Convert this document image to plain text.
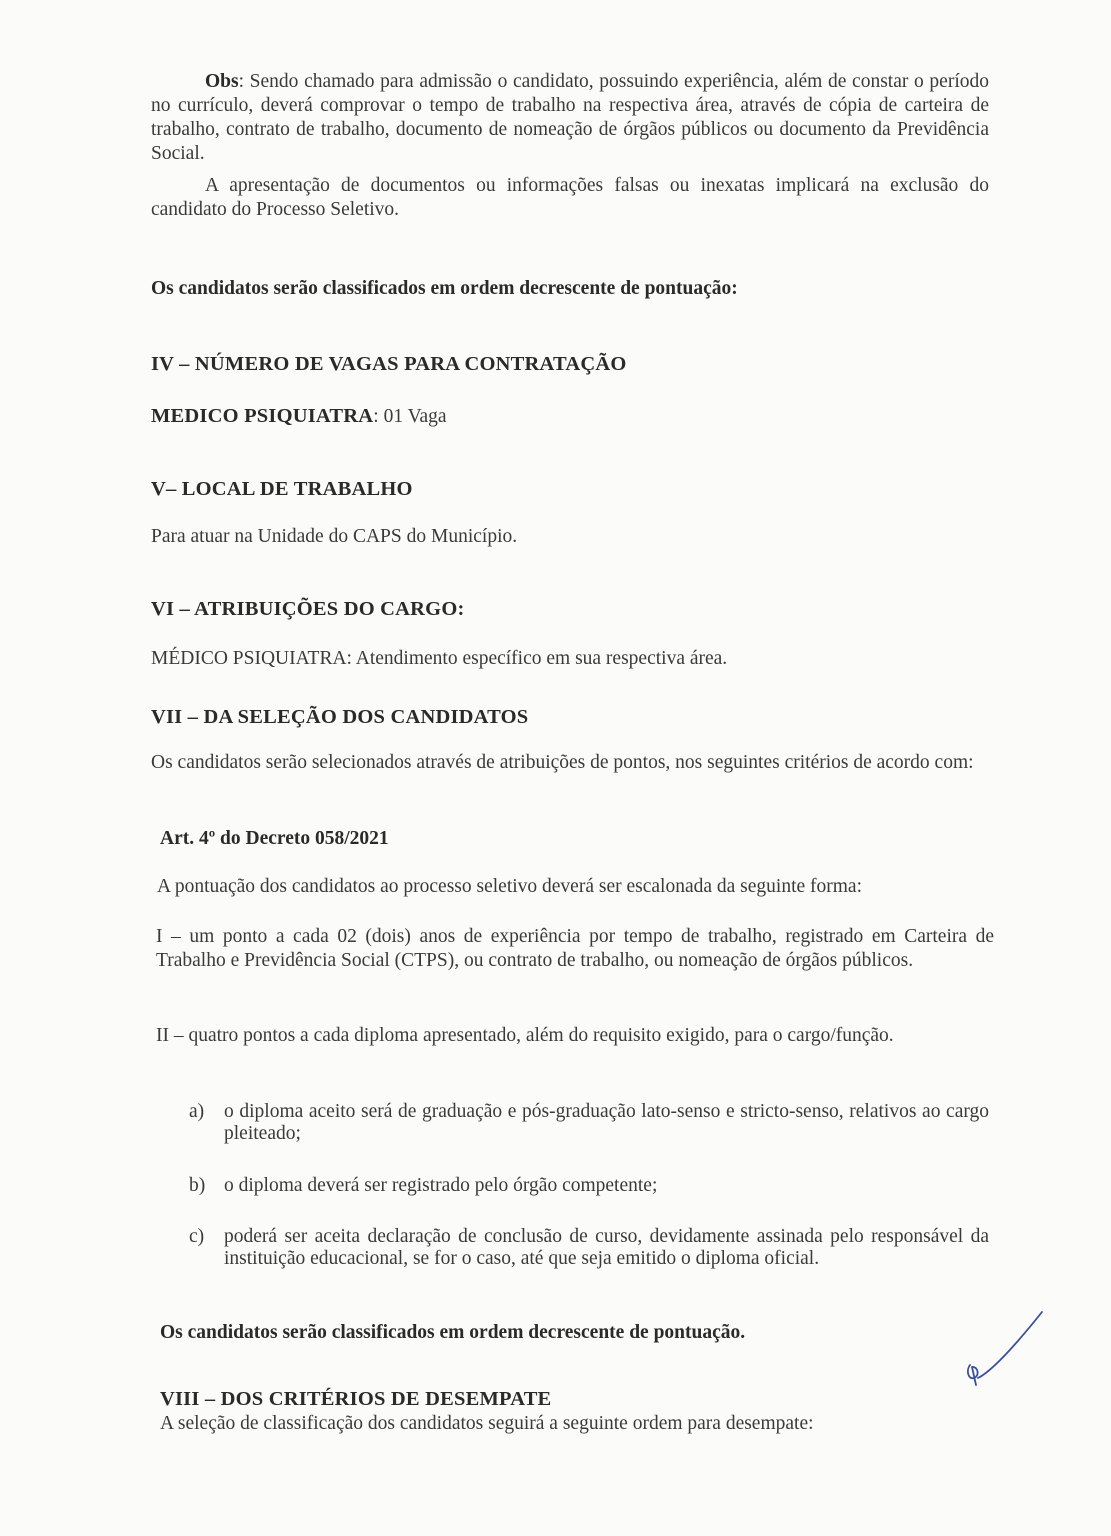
Obs: Sendo chamado para admissão o candidato, possuindo experiência, além de constar o período no currículo, deverá comprovar o tempo de trabalho na respectiva área, através de cópia de carteira de trabalho, contrato de trabalho, documento de nomeação de órgãos públicos ou documento da Previdência Social.
A apresentação de documentos ou informações falsas ou inexatas implicará na exclusão do candidato do Processo Seletivo.
Os candidatos serão classificados em ordem decrescente de pontuação:
IV – NÚMERO DE VAGAS PARA CONTRATAÇÃO
MEDICO PSIQUIATRA: 01 Vaga
V– LOCAL DE TRABALHO
Para atuar na Unidade do CAPS do Município.
VI – ATRIBUIÇÕES DO CARGO:
MÉDICO PSIQUIATRA: Atendimento específico em sua respectiva área.
VII – DA SELEÇÃO DOS CANDIDATOS
Os candidatos serão selecionados através de atribuições de pontos, nos seguintes critérios de acordo com:
Art. 4º do Decreto 058/2021
A pontuação dos candidatos ao processo seletivo deverá ser escalonada da seguinte forma:
I – um ponto a cada 02 (dois) anos de experiência por tempo de trabalho, registrado em Carteira de Trabalho e Previdência Social (CTPS), ou contrato de trabalho, ou nomeação de órgãos públicos.
II – quatro pontos a cada diploma apresentado, além do requisito exigido, para o cargo/função.
a)	o diploma aceito será de graduação e pós-graduação lato-senso e stricto-senso, relativos ao cargo pleiteado;
b) o diploma deverá ser registrado pelo órgão competente;
c)	poderá ser aceita declaração de conclusão de curso, devidamente assinada pelo responsável da instituição educacional, se for o caso, até que seja emitido o diploma oficial.
Os candidatos serão classificados em ordem decrescente de pontuação.
VIII – DOS CRITÉRIOS DE DESEMPATE
A seleção de classificação dos candidatos seguirá a seguinte ordem para desempate:
